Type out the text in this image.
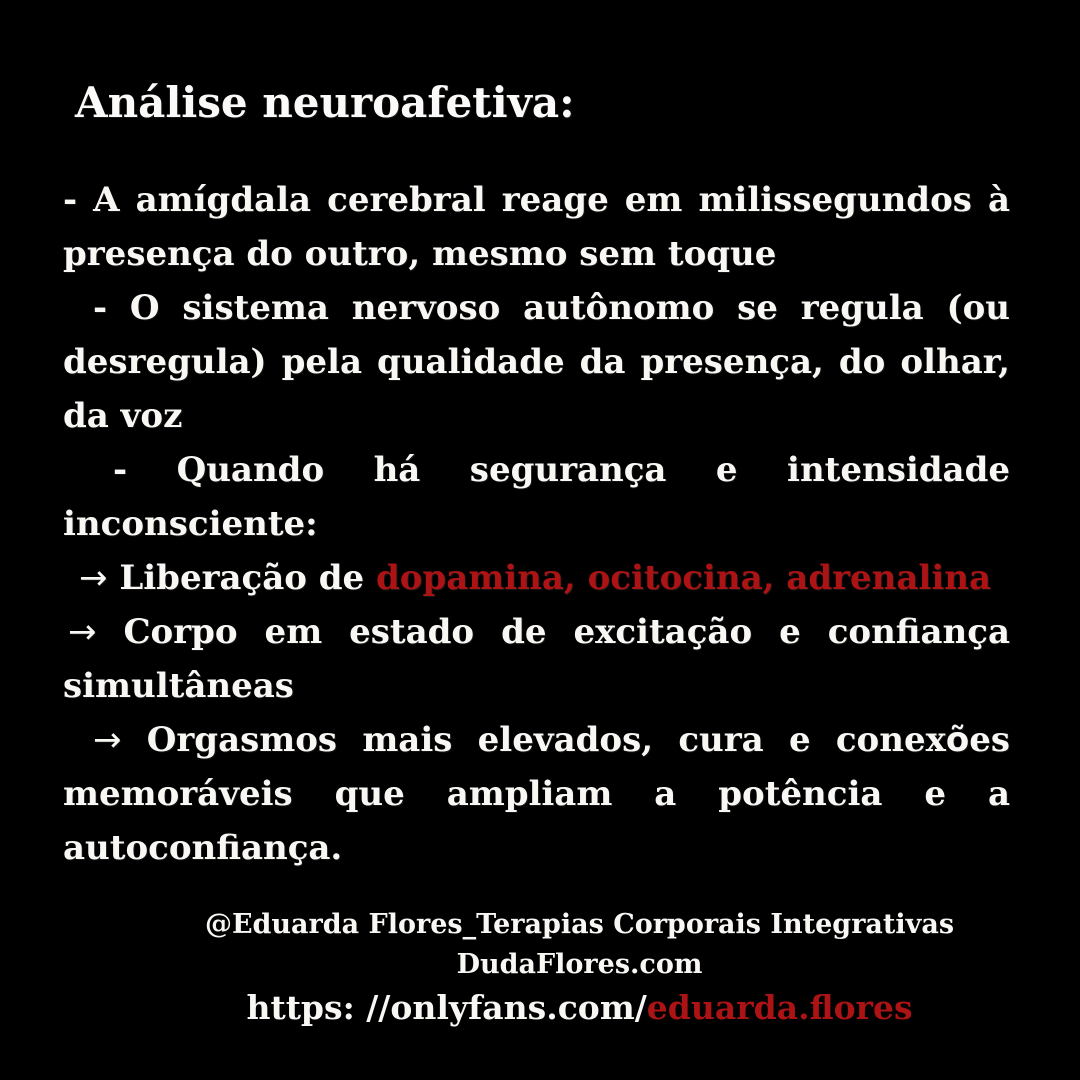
Análise neuroafetiva:

- A amígdala cerebral reage em milissegundos à

presença do outro, mesmo sem toque

- O sistema nervoso autônomo se regula (ou

desregula) pela qualidade da presença, do olhar,

da voz

- Quando há segurança e intensidade

inconsciente:

→ Liberação de dopamina, ocitocina, adrenalina

→ Corpo em estado de excitação e confiança

simultâneas

→ Orgasmos mais elevados, cura e conexões

memoráveis que ampliam a potência e a

autoconfiança.

@Eduarda Flores_Terapias Corporais Integrativas

DudaFlores.com

https: //onlyfans.com/eduarda.flores
